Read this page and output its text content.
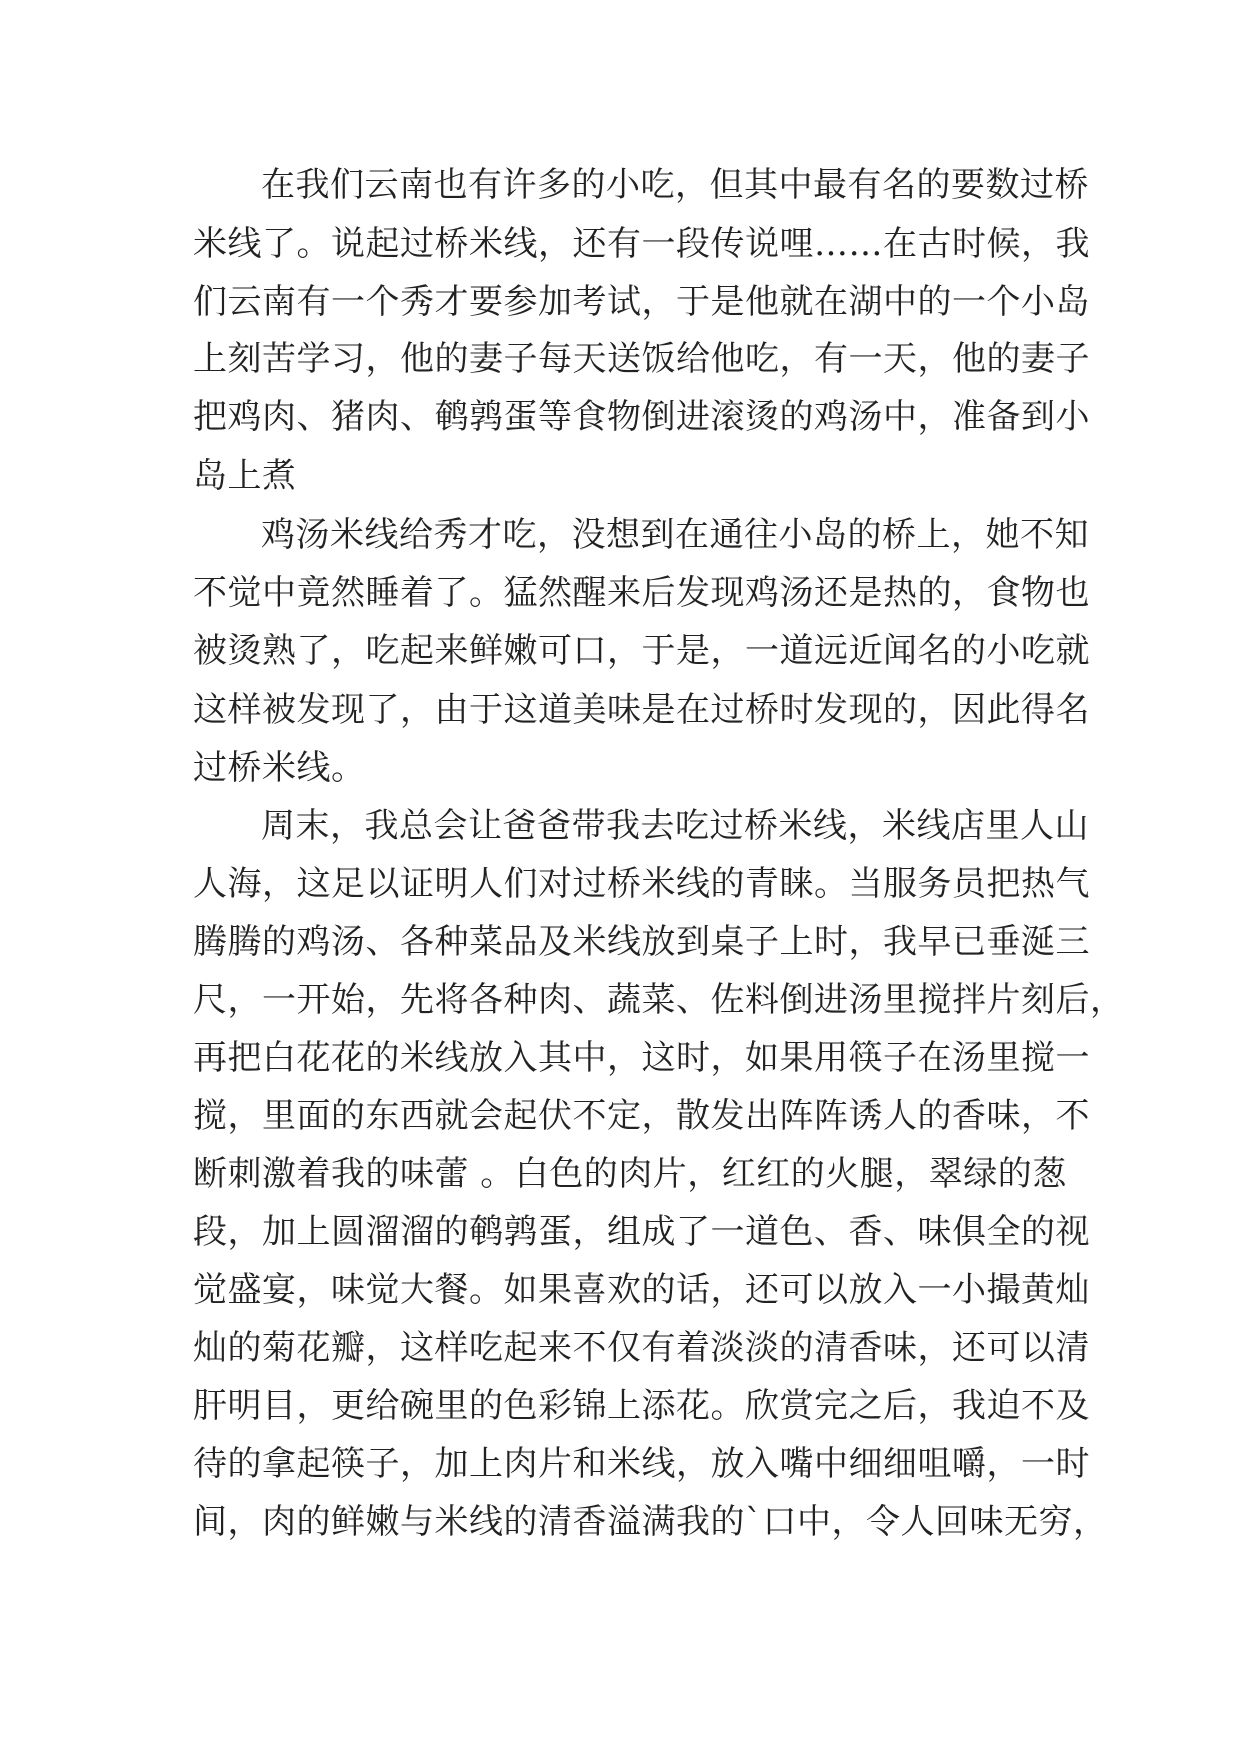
在我们云南也有许多的小吃，但其中最有名的要数过桥
米线了。说起过桥米线，还有一段传说哩……在古时候，我
们云南有一个秀才要参加考试，于是他就在湖中的一个小岛
上刻苦学习，他的妻子每天送饭给他吃，有一天，他的妻子
把鸡肉、猪肉、鹌鹑蛋等食物倒进滚烫的鸡汤中，准备到小
岛上煮
鸡汤米线给秀才吃，没想到在通往小岛的桥上，她不知
不觉中竟然睡着了。猛然醒来后发现鸡汤还是热的，食物也
被烫熟了，吃起来鲜嫩可口，于是，一道远近闻名的小吃就
这样被发现了，由于这道美味是在过桥时发现的，因此得名
过桥米线。
周末，我总会让爸爸带我去吃过桥米线，米线店里人山
人海，这足以证明人们对过桥米线的青睐。当服务员把热气
腾腾的鸡汤、各种菜品及米线放到桌子上时，我早已垂涎三
尺，一开始，先将各种肉、蔬菜、佐料倒进汤里搅拌片刻后，
再把白花花的米线放入其中，这时，如果用筷子在汤里搅一
搅，里面的东西就会起伏不定，散发出阵阵诱人的香味，不
断刺激着我的味蕾 。白色的肉片，红红的火腿，翠绿的葱
段，加上圆溜溜的鹌鹑蛋，组成了一道色、香、味俱全的视
觉盛宴，味觉大餐。如果喜欢的话，还可以放入一小撮黄灿
灿的菊花瓣，这样吃起来不仅有着淡淡的清香味，还可以清
肝明目，更给碗里的色彩锦上添花。欣赏完之后，我迫不及
待的拿起筷子，加上肉片和米线，放入嘴中细细咀嚼，一时
间，肉的鲜嫩与米线的清香溢满我的`口中，令人回味无穷，
